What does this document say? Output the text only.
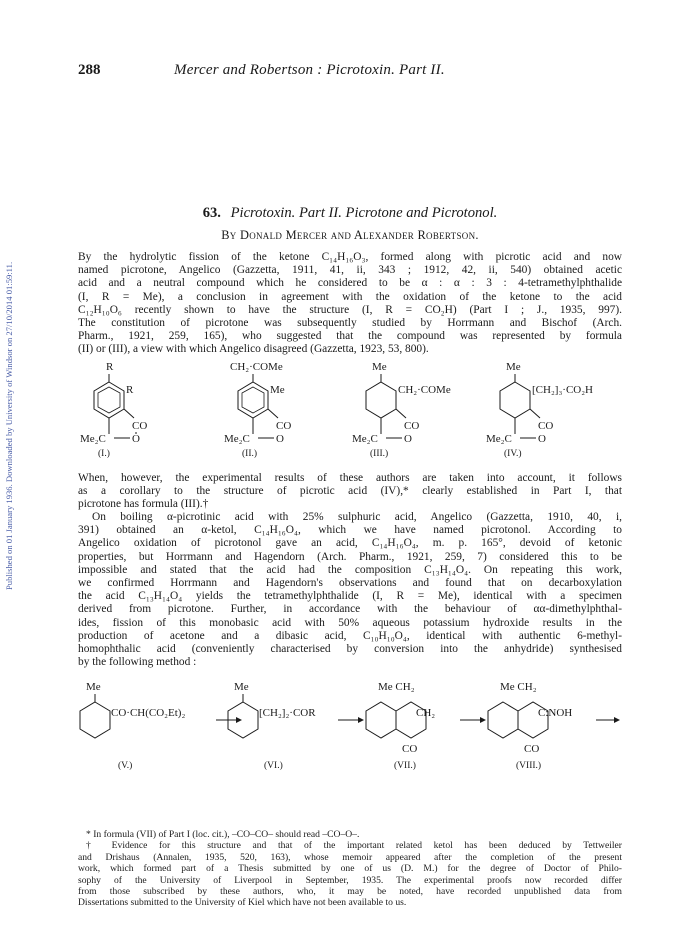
Published on 01 January 1936. Downloaded by University of Windsor on 27/10/2014 01:59:11.
288	Mercer and Robertson : Picrotoxin. Part II.
63. Picrotoxin. Part II. Picrotone and Picrotonol.
By Donald Mercer and Alexander Robertson.
By the hydrolytic fission of the ketone C₁₄H₁₆O₃, formed along with picrotic acid and now
named picrotone, Angelico (Gazzetta, 1911, 41, ii, 343 ; 1912, 42, ii, 540) obtained acetic
acid and a neutral compound which he considered to be α : α : 3 : 4-tetramethylphthalide
(I, R = Me), a conclusion in agreement with the oxidation of the ketone to the acid
C₁₂H₁₀O₆ recently shown to have the structure (I, R = CO₂H) (Part I ; J., 1935, 997).
The constitution of picrotone was subsequently studied by Horrmann and Bischof (Arch.
Pharm., 1921, 259, 165), who suggested that the compound was represented by formula
(II) or (III), a view with which Angelico disagreed (Gazzetta, 1923, 53, 800).
R
R
CO
Me₂C O
(I.)
CH₂·COMe
Me
CO
Me₂C O
(II.)
Me
CH₂·COMe
CO
Me₂C O
(III.)
Me
[CH₂]₃·CO₂H
CO
Me₂C O
(IV.)
When, however, the experimental results of these authors are taken into account, it follows
as a corollary to the structure of picrotic acid (IV),* clearly established in Part I, that
picrotone has formula (III).†
On boiling α-picrotinic acid with 25% sulphuric acid, Angelico (Gazzetta, 1910, 40, i,
391) obtained an α-ketol, C₁₄H₁₆O₄, which we have named picrotonol. According to
Angelico oxidation of picrotonol gave an acid, C₁₄H₁₆O₄, m. p. 165°, devoid of ketonic
properties, but Horrmann and Hagendorn (Arch. Pharm., 1921, 259, 7) considered this to be
impossible and stated that the acid had the composition C₁₃H₁₄O₄. On repeating this work,
we confirmed Horrmann and Hagendorn's observations and found that on decarboxylation
the acid C₁₃H₁₄O₄ yields the tetramethylphthalide (I, R = Me), identical with a specimen
derived from picrotone. Further, in accordance with the behaviour of αα-dimethylphthal-
ides, fission of this monobasic acid with 50% aqueous potassium hydroxide results in the
production of acetone and a dibasic acid, C₁₀H₁₀O₄, identical with authentic 6-methyl-
homophthalic acid (conveniently characterised by conversion into the anhydride) synthesised
by the following method :
Me
CO·CH(CO₂Et)₂
(V.)
Me
[CH₂]₂·COR
(VI.)
Me CH₂
CH₂
CO
(VII.)
Me CH₂
C:NOH
CO
(VIII.)
* In formula (VII) of Part I (loc. cit.), –CO–CO– should read –CO–O–.
† Evidence for this structure and that of the important related ketol has been deduced by Tettweiler
and Drishaus (Annalen, 1935, 520, 163), whose memoir appeared after the completion of the present
work, which formed part of a Thesis submitted by one of us (D. M.) for the degree of Doctor of Philo-
sophy of the University of Liverpool in September, 1935. The experimental proofs now recorded differ
from those subscribed by these authors, who, it may be noted, have recorded unpublished data from
Dissertations submitted to the University of Kiel which have not been available to us.
